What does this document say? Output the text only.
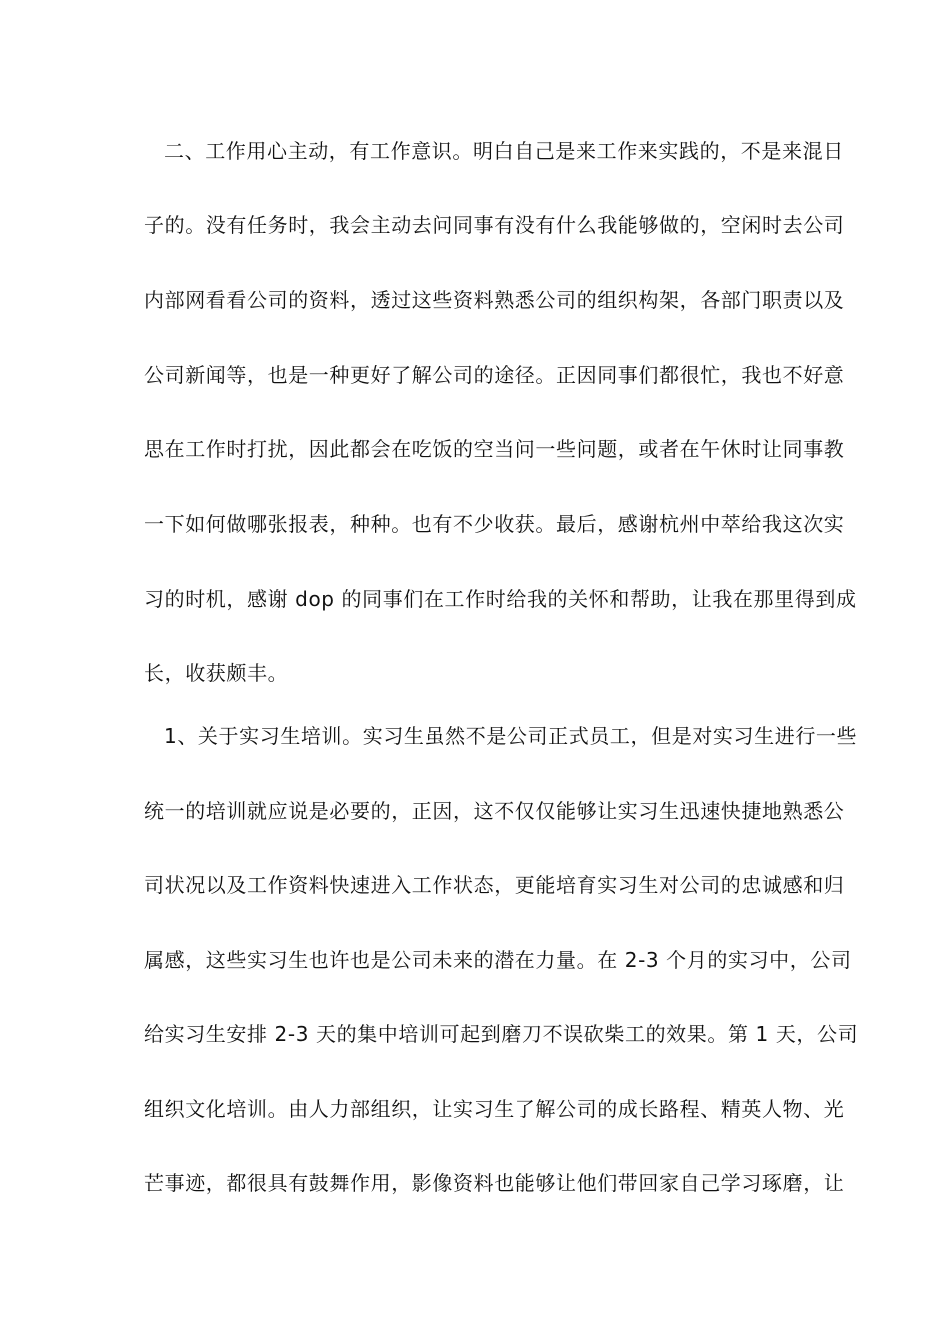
二、工作用心主动，有工作意识。明白自己是来工作来实践的，不是来混日

子的。没有任务时，我会主动去问同事有没有什么我能够做的，空闲时去公司

内部网看看公司的资料，透过这些资料熟悉公司的组织构架，各部门职责以及

公司新闻等，也是一种更好了解公司的途径。正因同事们都很忙，我也不好意

思在工作时打扰，因此都会在吃饭的空当问一些问题，或者在午休时让同事教

一下如何做哪张报表，种种。也有不少收获。最后，感谢杭州中萃给我这次实

习的时机，感谢 dop 的同事们在工作时给我的关怀和帮助，让我在那里得到成

长，收获颇丰。

1、关于实习生培训。实习生虽然不是公司正式员工，但是对实习生进行一些

统一的培训就应说是必要的，正因，这不仅仅能够让实习生迅速快捷地熟悉公

司状况以及工作资料快速进入工作状态，更能培育实习生对公司的忠诚感和归

属感，这些实习生也许也是公司未来的潜在力量。在 2-3 个月的实习中，公司

给实习生安排 2-3 天的集中培训可起到磨刀不误砍柴工的效果。第 1 天，公司

组织文化培训。由人力部组织，让实习生了解公司的成长路程、精英人物、光

芒事迹，都很具有鼓舞作用，影像资料也能够让他们带回家自己学习琢磨，让
